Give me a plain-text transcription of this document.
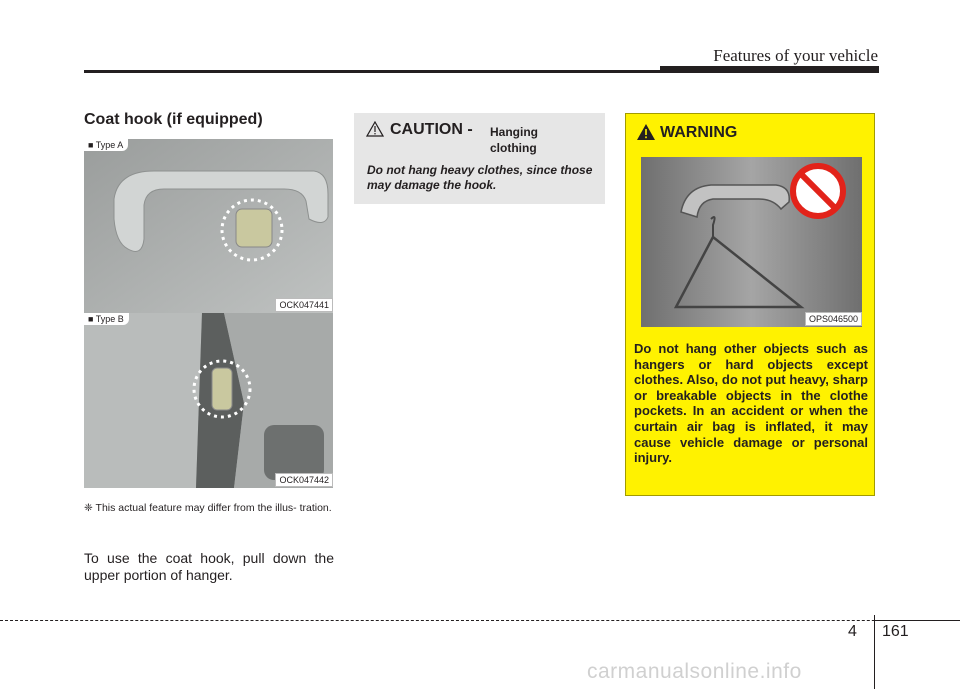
Features of your vehicle
Coat hook (if equipped)
■ Type A
OCK047441
■ Type B
OCK047442
❈ This actual feature may differ from the illus- tration.
To use the coat hook, pull down the upper portion of hanger.
CAUTION - Hanging clothing
Do not hang heavy clothes, since those may damage the hook.
WARNING
OPS046500
Do not hang other objects such as hangers or hard objects except clothes. Also, do not put heavy, sharp or breakable objects in the clothe pockets. In an accident or when the curtain air bag is inflated, it may cause vehicle damage or personal injury.
4 161
carmanualsonline.info
